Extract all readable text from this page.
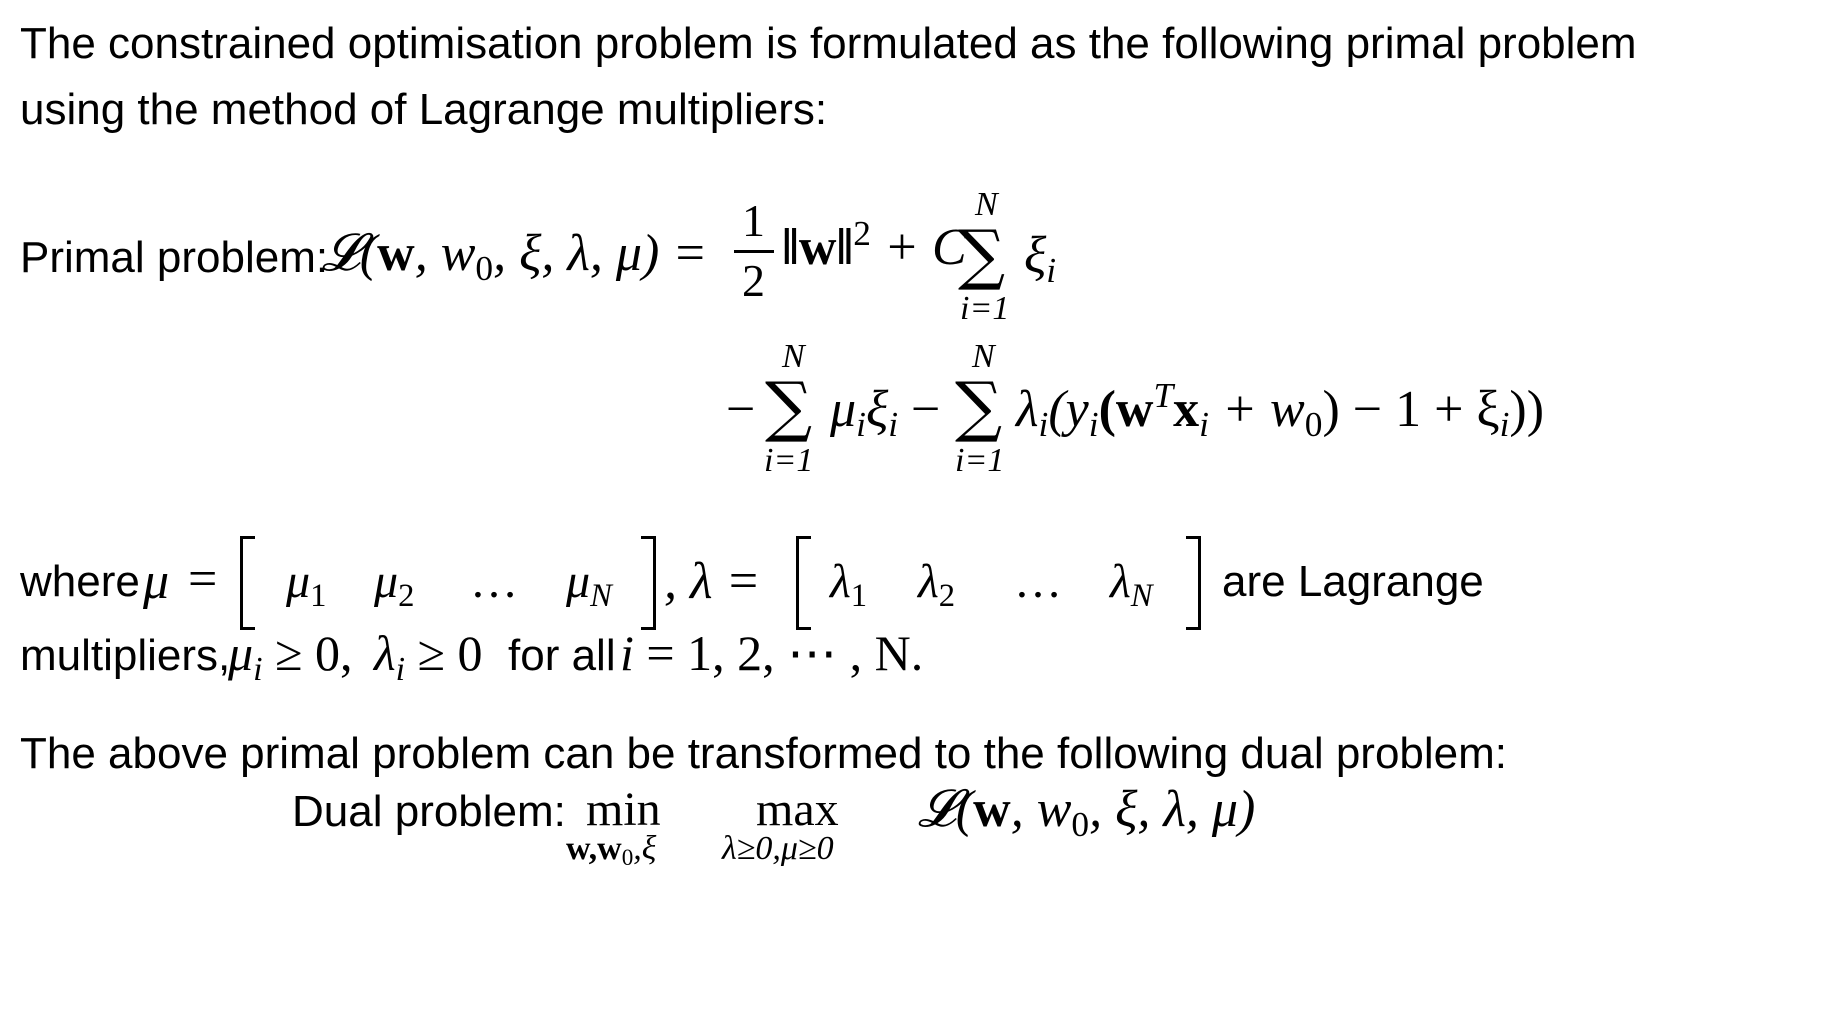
The constrained optimisation problem is formulated as the following primal problem
using the method of Lagrange multipliers:
Primal problem:
𝓛(w, w0, ξ, λ, μ) =
1
2
‖w‖$^2$ + C
N
∑
i=1
ξi
−
N
∑
i=1
μiξi −
N
∑
i=1
$\lambda i(yi(w^Txi + w0) - 1 + \xi i)$)
where μ = μ1 μ2 … μN , λ = λ1 λ2 … λN are Lagrange
multipliers,
μi ≥ 0, λi ≥ 0 for all i = 1, 2, ⋯ , N.
The above primal problem can be transformed to the following dual problem:
Dual problem: min
w,w0,ξ
max
λ≥0,μ≥0
𝓛(w, w0, ξ, λ, μ)
